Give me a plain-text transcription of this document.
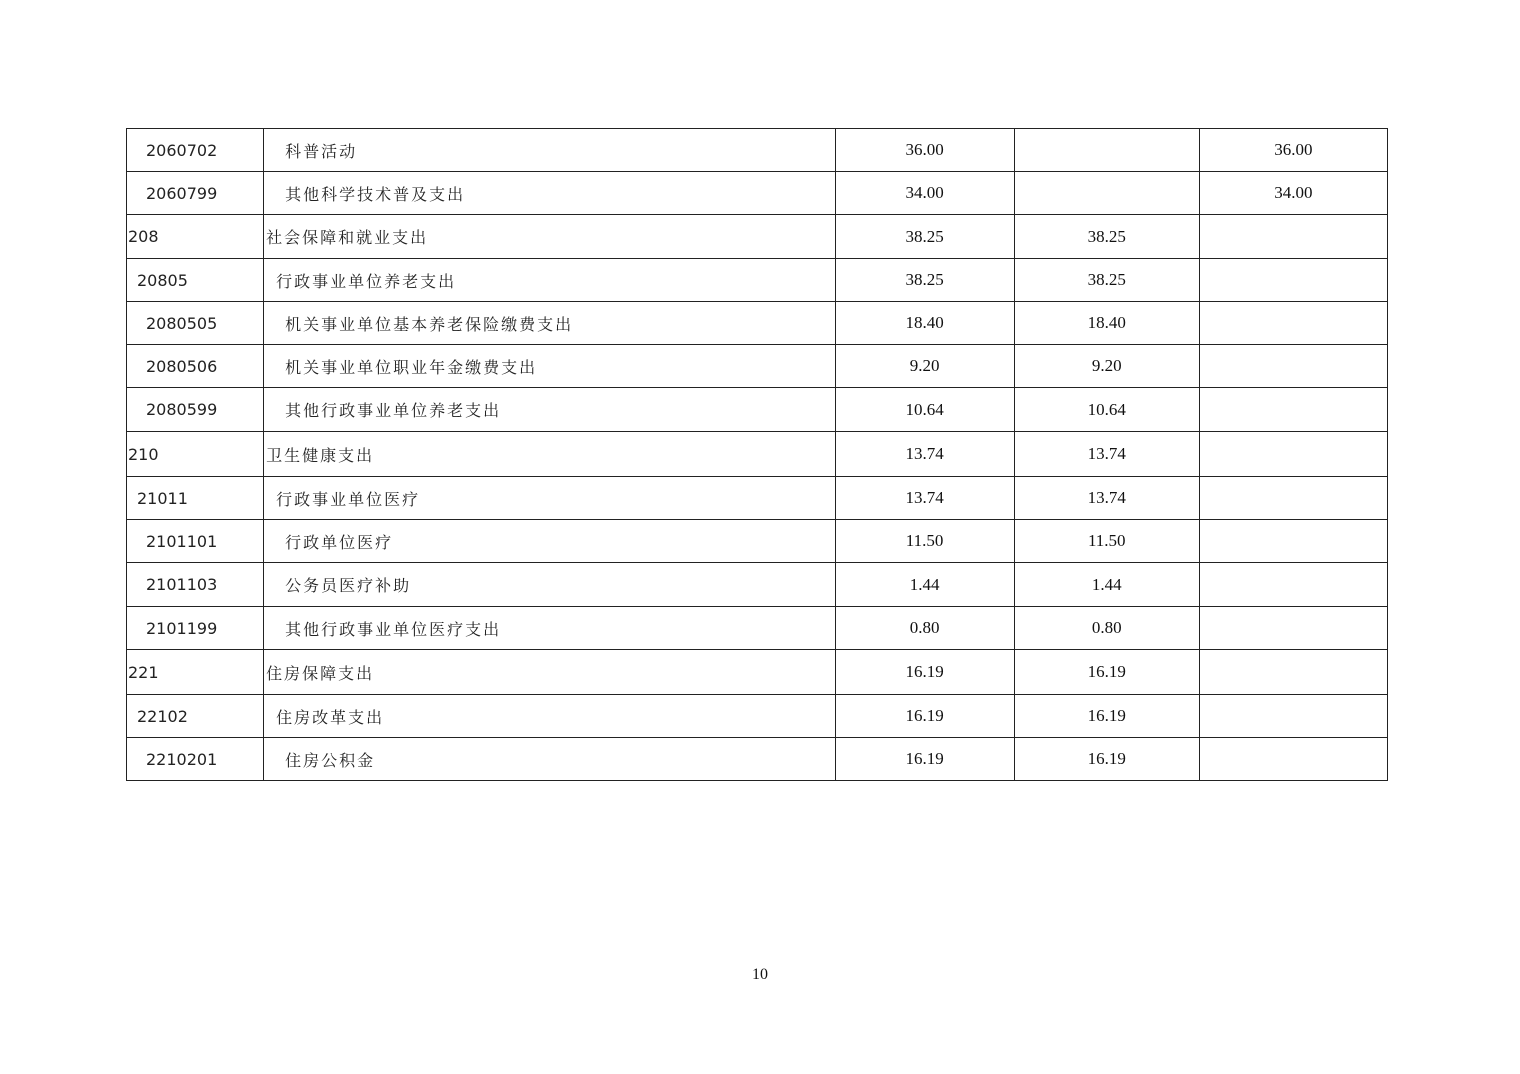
2060702	科普活动	36.00		36.00
2060799	其他科学技术普及支出	34.00		34.00
208	社会保障和就业支出	38.25	38.25	
20805	行政事业单位养老支出	38.25	38.25	
2080505	机关事业单位基本养老保险缴费支出	18.40	18.40	
2080506	机关事业单位职业年金缴费支出	9.20	9.20	
2080599	其他行政事业单位养老支出	10.64	10.64	
210	卫生健康支出	13.74	13.74	
21011	行政事业单位医疗	13.74	13.74	
2101101	行政单位医疗	11.50	11.50	
2101103	公务员医疗补助	1.44	1.44	
2101199	其他行政事业单位医疗支出	0.80	0.80	
221	住房保障支出	16.19	16.19	
22102	住房改革支出	16.19	16.19	
2210201	住房公积金	16.19	16.19	
10
